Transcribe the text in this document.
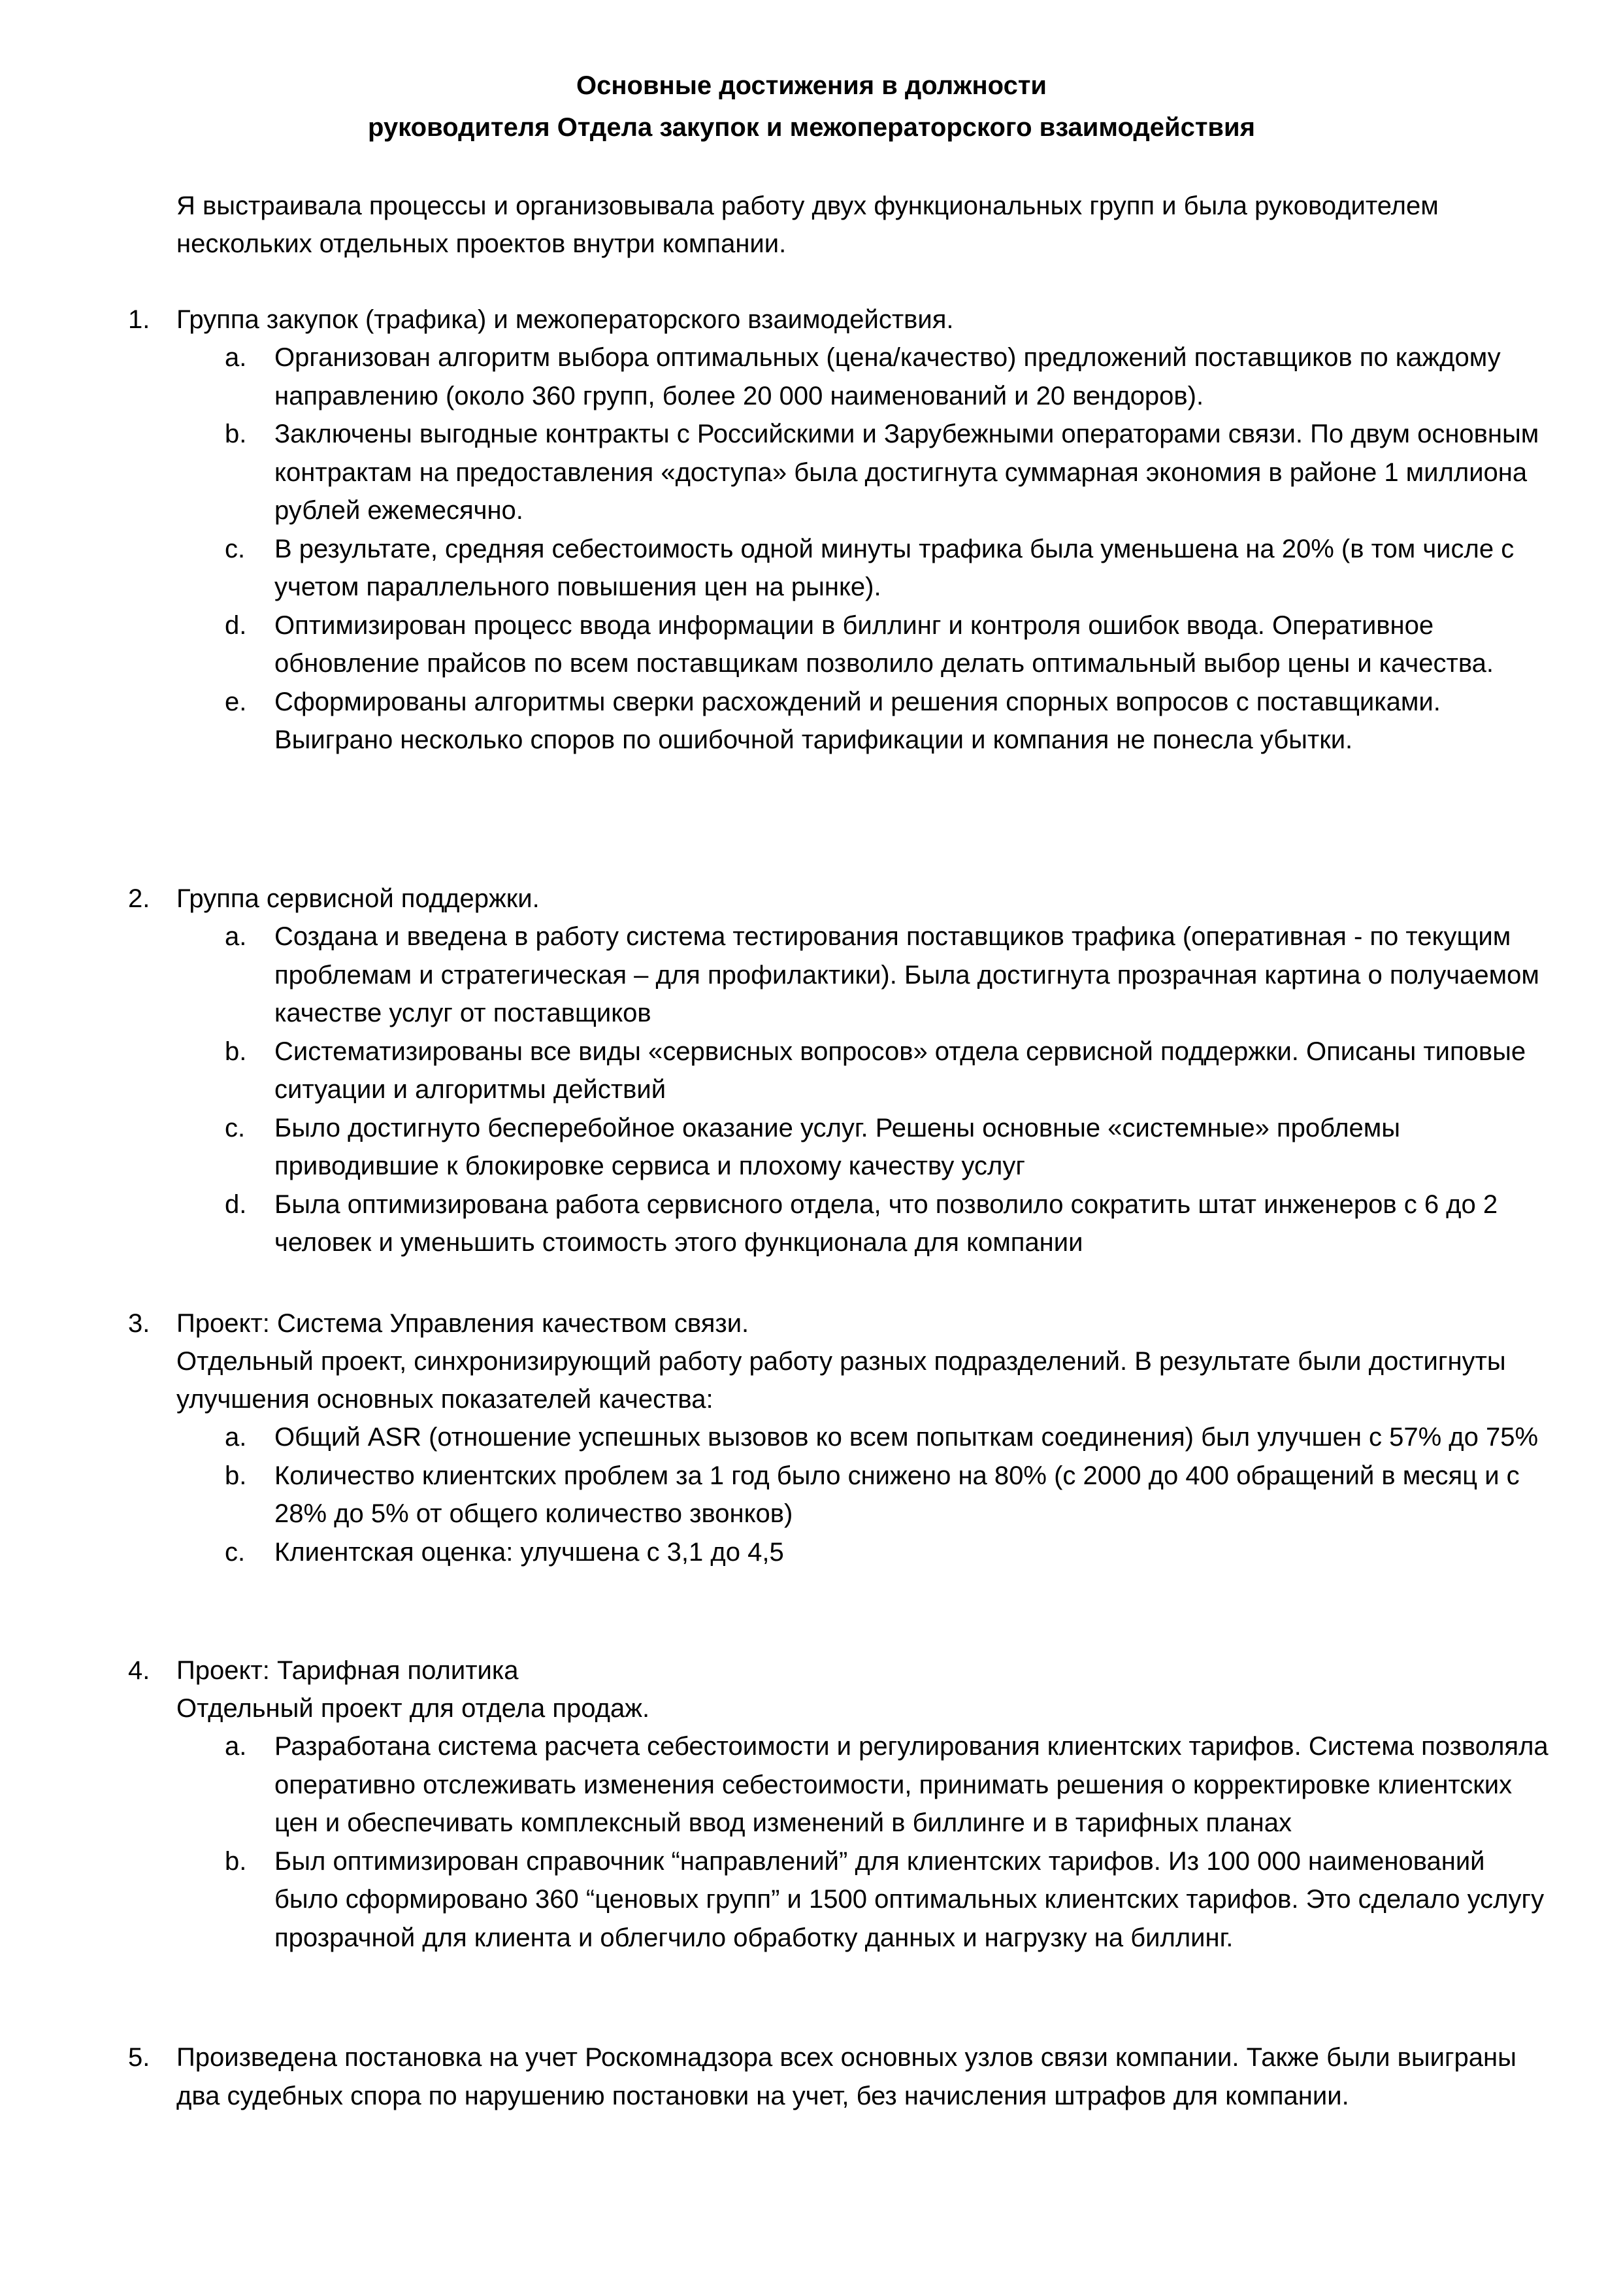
Основные достижения в должности
руководителя Отдела закупок и межоператорского взаимодействия

Я выстраивала процессы и организовывала работу двух функциональных групп и была руководителем нескольких отдельных проектов внутри компании.

1.	Группа закупок (трафика) и межоператорского взаимодействия.
a.	Организован алгоритм выбора оптимальных (цена/качество) предложений поставщиков по каждому направлению (около 360 групп, более 20 000 наименований и 20 вендоров).
b.	Заключены выгодные контракты с Российскими и Зарубежными операторами связи. По двум основным контрактам на предоставления «доступа» была достигнута суммарная экономия в районе 1 миллиона рублей ежемесячно.
c.	В результате, средняя себестоимость одной минуты трафика была уменьшена на 20% (в том числе с учетом параллельного повышения цен на рынке).
d.	Оптимизирован процесс ввода информации в биллинг и контроля ошибок ввода. Оперативное обновление прайсов по всем поставщикам позволило делать оптимальный выбор цены и качества.
e.	Сформированы алгоритмы сверки расхождений и решения спорных вопросов с поставщиками. Выиграно несколько споров по ошибочной тарификации и компания не понесла убытки.
2.	Группа сервисной поддержки.
a.	Создана и введена в работу система тестирования поставщиков трафика (оперативная - по текущим проблемам и стратегическая – для профилактики). Была достигнута прозрачная картина о получаемом качестве услуг от поставщиков
b.	Систематизированы все виды «сервисных вопросов» отдела сервисной поддержки. Описаны типовые ситуации и алгоритмы действий
c.	Было достигнуто бесперебойное оказание услуг. Решены основные «системные» проблемы приводившие к блокировке сервиса и плохому качеству услуг
d.	Была оптимизирована работа сервисного отдела, что позволило сократить штат инженеров с 6 до 2 человек и уменьшить стоимость этого функционала для компании
3.	Проект: Система Управления качеством связи.

Отдельный проект, синхронизирующий работу работу разных подразделений. В результате были достигнуты улучшения основных показателей качества:

a.	Общий ASR (отношение успешных вызовов ко всем попыткам соединения) был улучшен с 57% до 75%
b.	Количество клиентских проблем за 1 год было снижено на 80% (с 2000 до 400 обращений в месяц и с 28% до 5% от общего количество звонков)
c.	Клиентская оценка: улучшена с 3,1 до 4,5
4.	Проект: Тарифная политика

Отдельный проект для отдела продаж.

a.	Разработана система расчета себестоимости и регулирования клиентских тарифов. Система позволяла оперативно отслеживать изменения себестоимости, принимать решения о корректировке клиентских цен и обеспечивать комплексный ввод изменений в биллинге и в тарифных планах
b.	Был оптимизирован справочник “направлений” для клиентских тарифов. Из 100 000 наименований было сформировано 360 “ценовых групп” и 1500 оптимальных клиентских тарифов. Это сделало услугу прозрачной для клиента и облегчило обработку данных и нагрузку на биллинг.
5.	Произведена постановка на учет Роскомнадзора всех основных узлов связи компании. Также были выиграны два судебных спора по нарушению постановки на учет, без начисления штрафов для компании.
